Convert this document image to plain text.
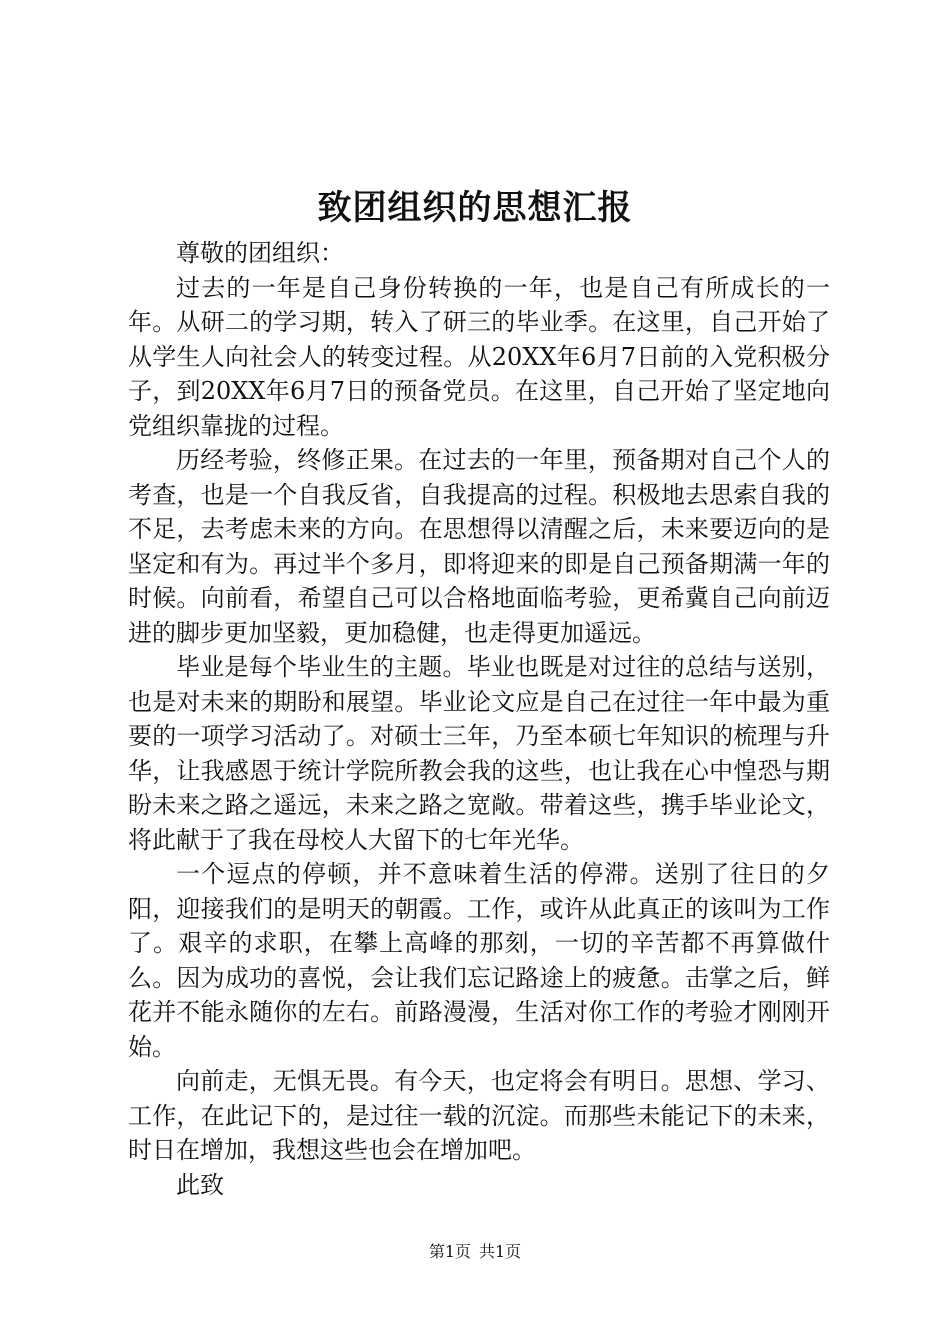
致团组织的思想汇报

尊敬的团组织：

过去的一年是自己身份转换的一年，也是自己有所成长的一年。从研二的学习期，转入了研三的毕业季。在这里，自己开始了从学生人向社会人的转变过程。从20XX年6月7日前的入党积极分子，到20XX年6月7日的预备党员。在这里，自己开始了坚定地向党组织靠拢的过程。

历经考验，终修正果。在过去的一年里，预备期对自己个人的考查，也是一个自我反省，自我提高的过程。积极地去思索自我的不足，去考虑未来的方向。在思想得以清醒之后，未来要迈向的是坚定和有为。再过半个多月，即将迎来的即是自己预备期满一年的时候。向前看，希望自己可以合格地面临考验，更希冀自己向前迈进的脚步更加坚毅，更加稳健，也走得更加遥远。

毕业是每个毕业生的主题。毕业也既是对过往的总结与送别，也是对未来的期盼和展望。毕业论文应是自己在过往一年中最为重要的一项学习活动了。对硕士三年，乃至本硕七年知识的梳理与升华，让我感恩于统计学院所教会我的这些，也让我在心中惶恐与期盼未来之路之遥远，未来之路之宽敞。带着这些，携手毕业论文，将此献于了我在母校人大留下的七年光华。

一个逗点的停顿，并不意味着生活的停滞。送别了往日的夕阳，迎接我们的是明天的朝霞。工作，或许从此真正的该叫为工作了。艰辛的求职，在攀上高峰的那刻，一切的辛苦都不再算做什么。因为成功的喜悦，会让我们忘记路途上的疲惫。击掌之后，鲜花并不能永随你的左右。前路漫漫，生活对你工作的考验才刚刚开始。

向前走，无惧无畏。有今天，也定将会有明日。思想、学习、工作，在此记下的，是过往一载的沉淀。而那些未能记下的未来，时日在增加，我想这些也会在增加吧。

此致

第1页 共1页
